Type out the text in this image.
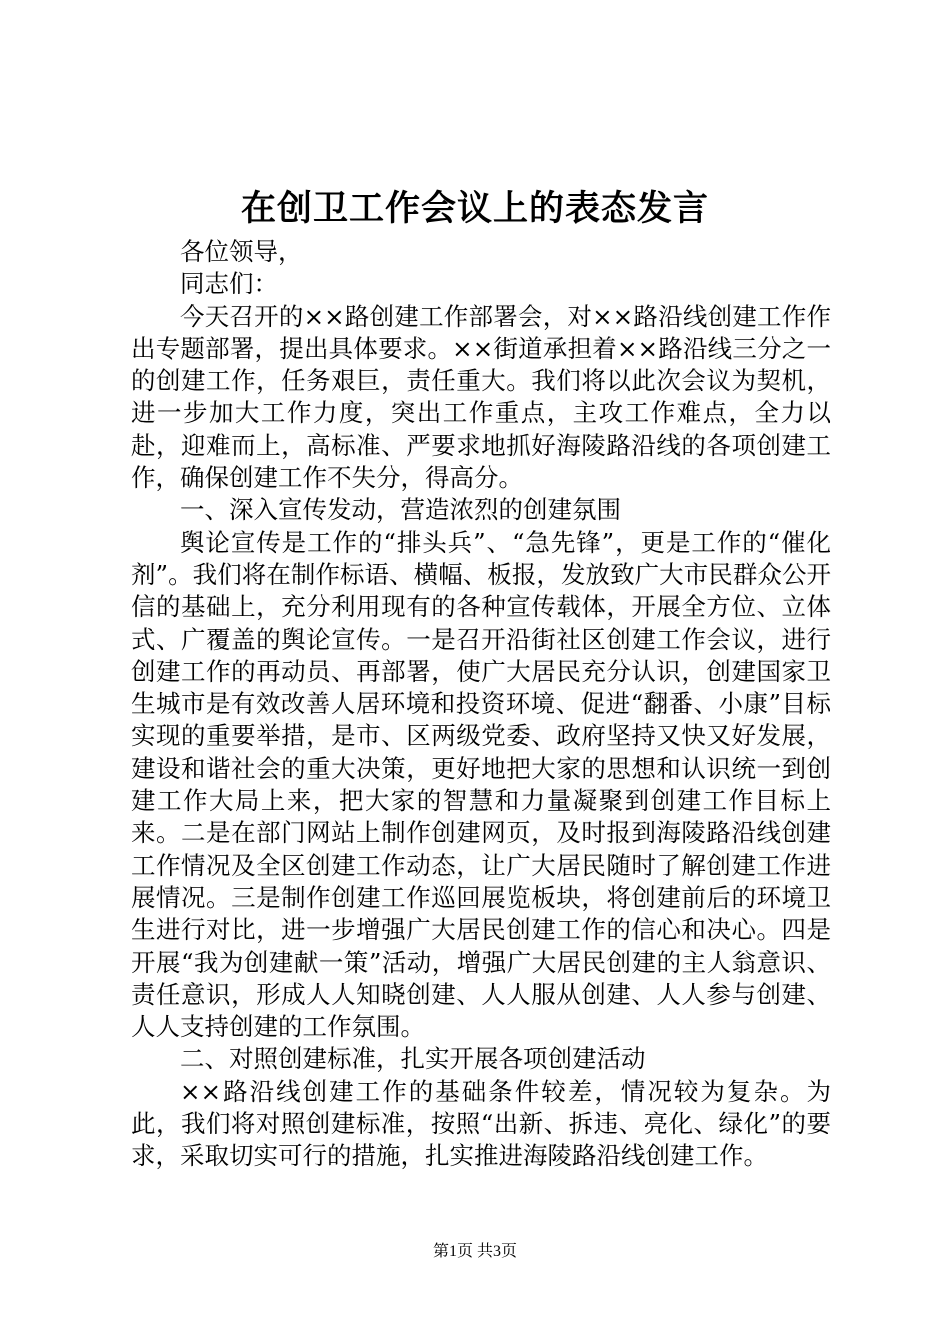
在创卫工作会议上的表态发言

各位领导，

同志们：

今天召开的××路创建工作部署会，对××路沿线创建工作作出专题部署，提出具体要求。××街道承担着××路沿线三分之一的创建工作，任务艰巨，责任重大。我们将以此次会议为契机，进一步加大工作力度，突出工作重点，主攻工作难点，全力以赴，迎难而上，高标准、严要求地抓好海陵路沿线的各项创建工作，确保创建工作不失分，得高分。

一、深入宣传发动，营造浓烈的创建氛围

舆论宣传是工作的“排头兵”、“急先锋”，更是工作的“催化剂”。我们将在制作标语、横幅、板报，发放致广大市民群众公开信的基础上，充分利用现有的各种宣传载体，开展全方位、立体式、广覆盖的舆论宣传。一是召开沿街社区创建工作会议，进行创建工作的再动员、再部署，使广大居民充分认识，创建国家卫生城市是有效改善人居环境和投资环境、促进“翻番、小康”目标实现的重要举措，是市、区两级党委、政府坚持又快又好发展，建设和谐社会的重大决策，更好地把大家的思想和认识统一到创建工作大局上来，把大家的智慧和力量凝聚到创建工作目标上来。二是在部门网站上制作创建网页，及时报到海陵路沿线创建工作情况及全区创建工作动态，让广大居民随时了解创建工作进展情况。三是制作创建工作巡回展览板块，将创建前后的环境卫生进行对比，进一步增强广大居民创建工作的信心和决心。四是开展“我为创建献一策”活动，增强广大居民创建的主人翁意识、责任意识，形成人人知晓创建、人人服从创建、人人参与创建、人人支持创建的工作氛围。

二、对照创建标准，扎实开展各项创建活动

××路沿线创建工作的基础条件较差，情况较为复杂。为此，我们将对照创建标准，按照“出新、拆违、亮化、绿化”的要求，采取切实可行的措施，扎实推进海陵路沿线创建工作。

第1页 共3页
